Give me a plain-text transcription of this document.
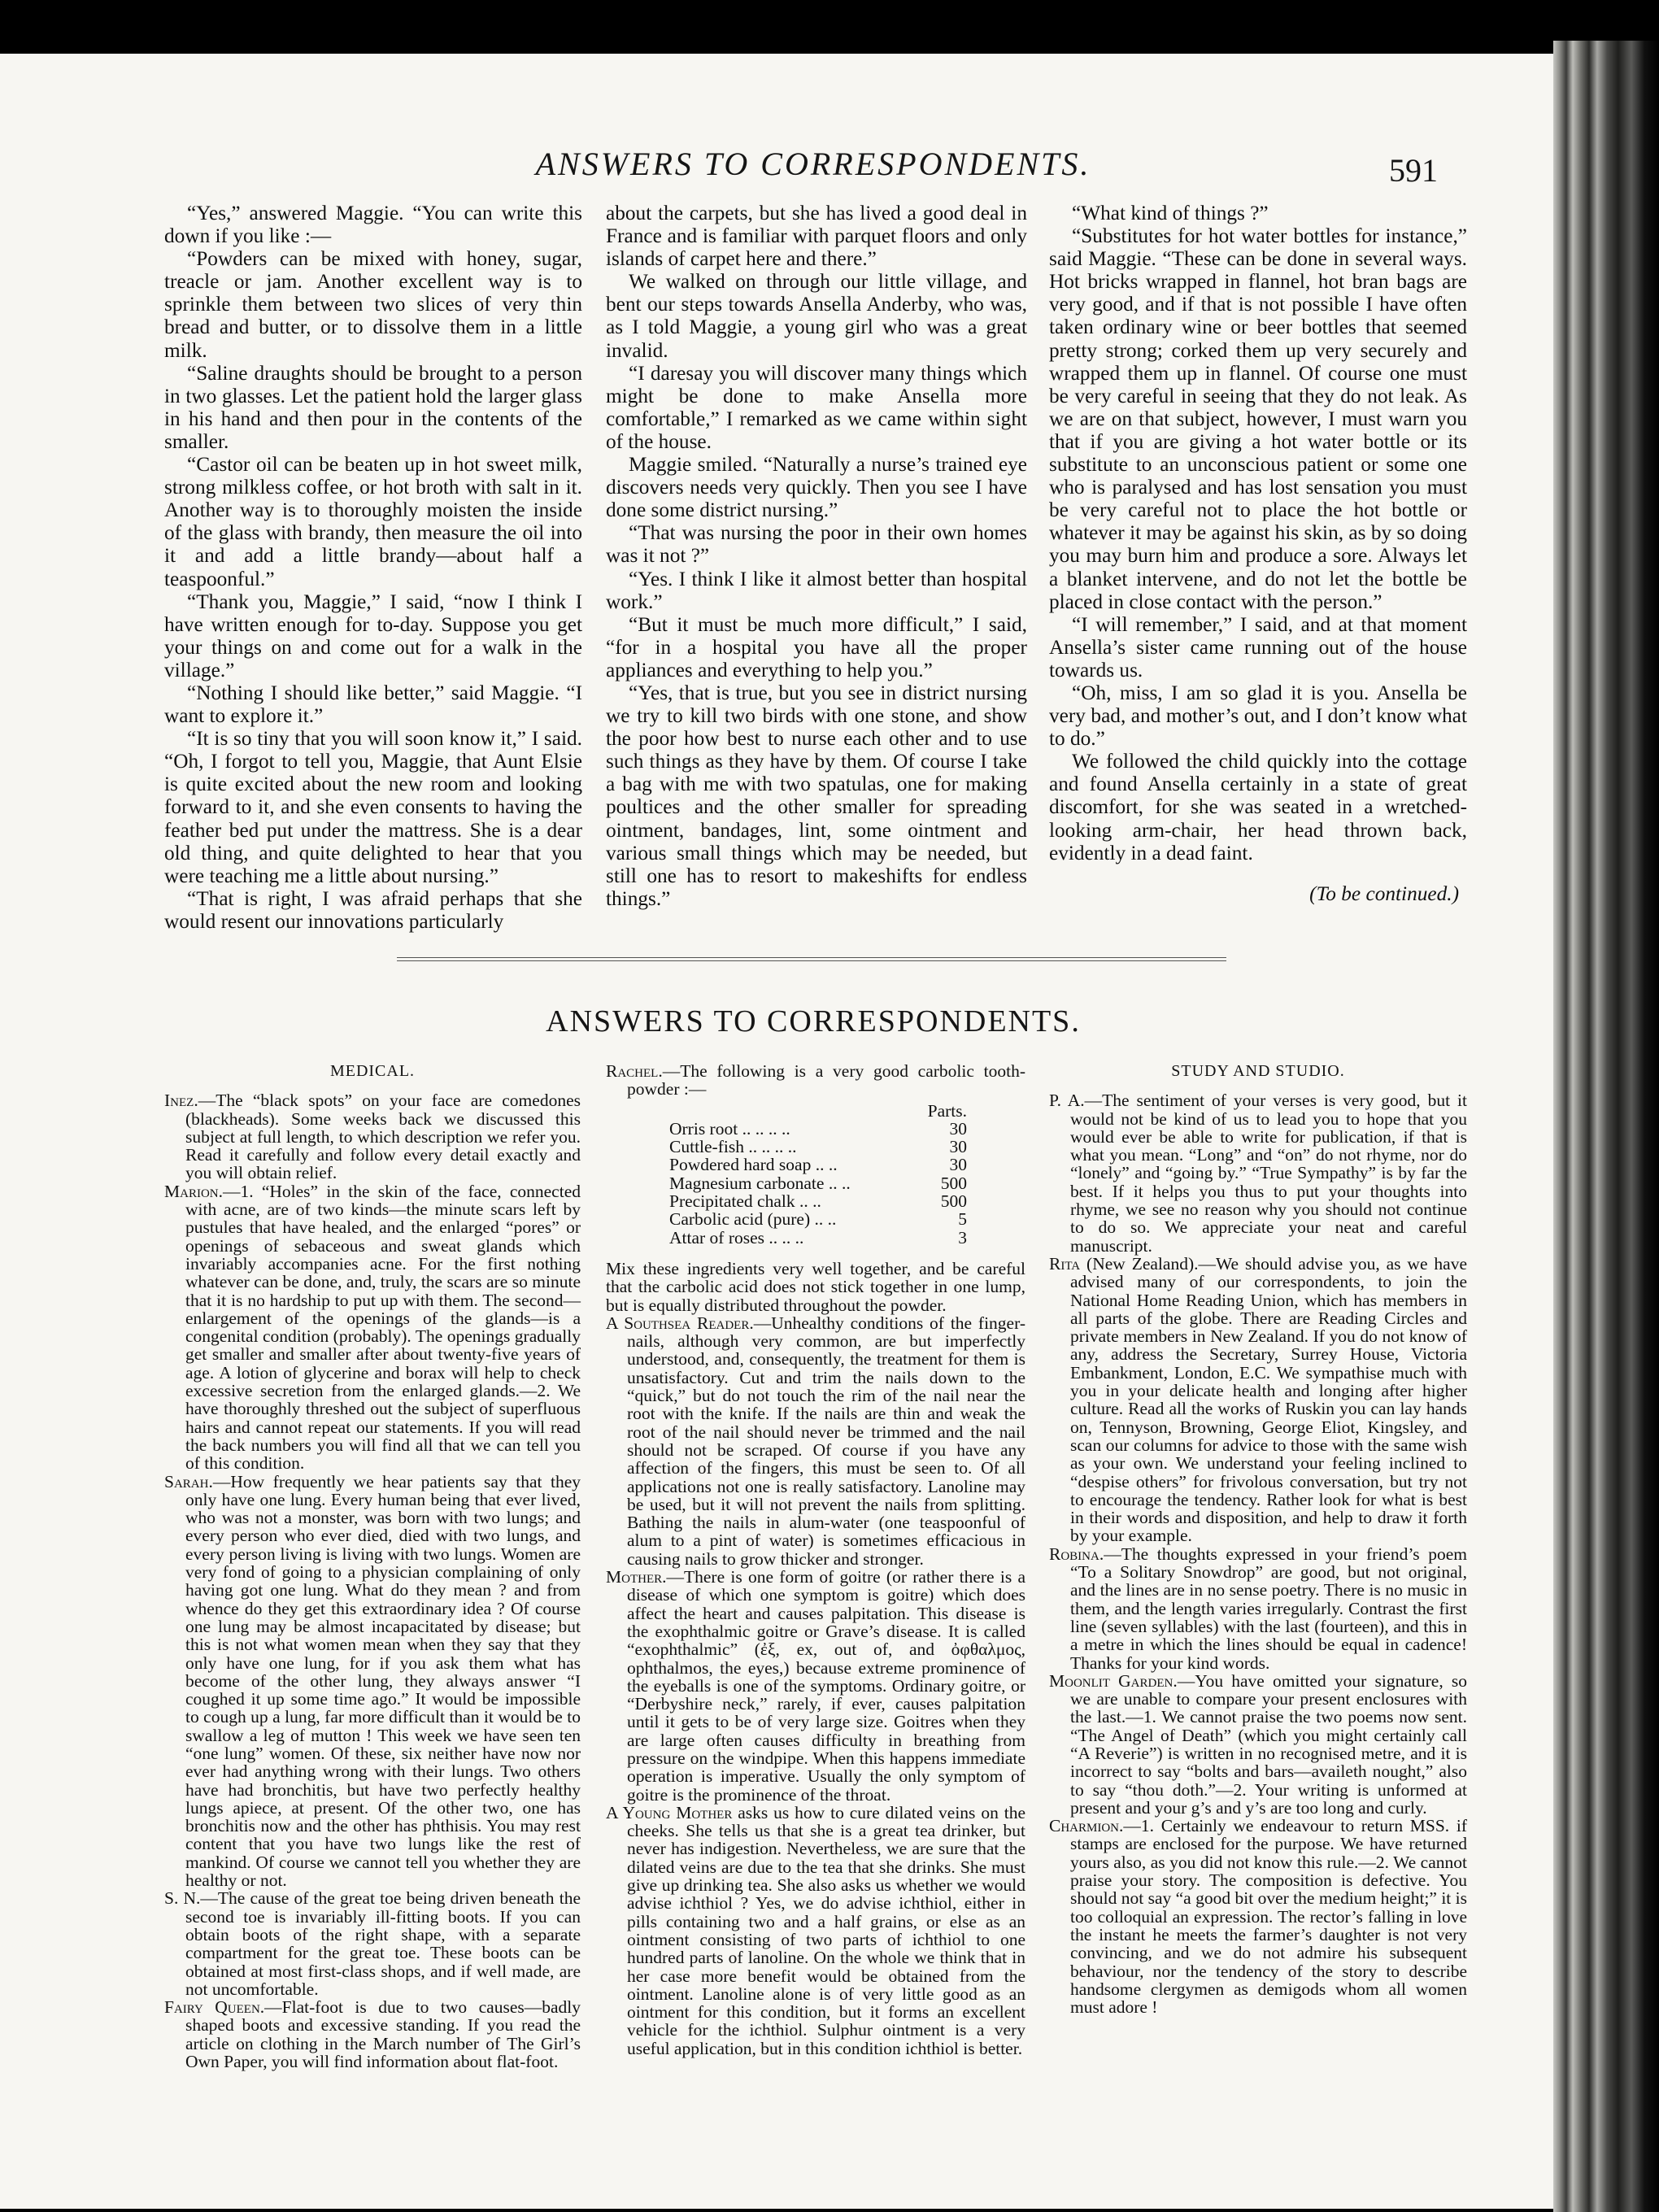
ANSWERS TO CORRESPONDENTS.	591

“Yes,” answered Maggie. “You can write this down if you like :—

“Powders can be mixed with honey, sugar, treacle or jam. Another excellent way is to sprinkle them between two slices of very thin bread and butter, or to dissolve them in a little milk.

“Saline draughts should be brought to a person in two glasses. Let the patient hold the larger glass in his hand and then pour in the contents of the smaller.

“Castor oil can be beaten up in hot sweet milk, strong milkless coffee, or hot broth with salt in it. Another way is to thoroughly moisten the inside of the glass with brandy, then measure the oil into it and add a little brandy—about half a teaspoonful.”

“Thank you, Maggie,” I said, “now I think I have written enough for to-day. Suppose you get your things on and come out for a walk in the village.”

“Nothing I should like better,” said Maggie. “I want to explore it.”

“It is so tiny that you will soon know it,” I said. “Oh, I forgot to tell you, Maggie, that Aunt Elsie is quite excited about the new room and looking forward to it, and she even consents to having the feather bed put under the mattress. She is a dear old thing, and quite delighted to hear that you were teaching me a little about nursing.”

“That is right, I was afraid perhaps that she would resent our innovations particularly

about the carpets, but she has lived a good deal in France and is familiar with parquet floors and only islands of carpet here and there.”

We walked on through our little village, and bent our steps towards Ansella Anderby, who was, as I told Maggie, a young girl who was a great invalid.

“I daresay you will discover many things which might be done to make Ansella more comfortable,” I remarked as we came within sight of the house.

Maggie smiled. “Naturally a nurse’s trained eye discovers needs very quickly. Then you see I have done some district nursing.”

“That was nursing the poor in their own homes was it not ?”

“Yes. I think I like it almost better than hospital work.”

“But it must be much more difficult,” I said, “for in a hospital you have all the proper appliances and everything to help you.”

“Yes, that is true, but you see in district nursing we try to kill two birds with one stone, and show the poor how best to nurse each other and to use such things as they have by them. Of course I take a bag with me with two spatulas, one for making poultices and the other smaller for spreading ointment, bandages, lint, some ointment and various small things which may be needed, but still one has to resort to makeshifts for endless things.”

“What kind of things ?”

“Substitutes for hot water bottles for instance,” said Maggie. “These can be done in several ways. Hot bricks wrapped in flannel, hot bran bags are very good, and if that is not possible I have often taken ordinary wine or beer bottles that seemed pretty strong; corked them up very securely and wrapped them up in flannel. Of course one must be very careful in seeing that they do not leak. As we are on that subject, however, I must warn you that if you are giving a hot water bottle or its substitute to an unconscious patient or some one who is paralysed and has lost sensation you must be very careful not to place the hot bottle or whatever it may be against his skin, as by so doing you may burn him and produce a sore. Always let a blanket intervene, and do not let the bottle be placed in close contact with the person.”

“I will remember,” I said, and at that moment Ansella’s sister came running out of the house towards us.

“Oh, miss, I am so glad it is you. Ansella be very bad, and mother’s out, and I don’t know what to do.”

We followed the child quickly into the cottage and found Ansella certainly in a state of great discomfort, for she was seated in a wretched-looking arm-chair, her head thrown back, evidently in a dead faint.

(To be continued.)

ANSWERS TO CORRESPONDENTS.
MEDICAL.
Inez.—The “black spots” on your face are comedones (blackheads). Some weeks back we discussed this subject at full length, to which description we refer you. Read it carefully and follow every detail exactly and you will obtain relief.
Marion.—1. “Holes” in the skin of the face, connected with acne, are of two kinds—the minute scars left by pustules that have healed, and the enlarged “pores” or openings of sebaceous and sweat glands which invariably accompanies acne. For the first nothing whatever can be done, and, truly, the scars are so minute that it is no hardship to put up with them. The second—enlargement of the openings of the glands—is a congenital condition (probably). The openings gradually get smaller and smaller after about twenty-five years of age. A lotion of glycerine and borax will help to check excessive secretion from the enlarged glands.—2. We have thoroughly threshed out the subject of superfluous hairs and cannot repeat our statements. If you will read the back numbers you will find all that we can tell you of this condition.
Sarah.—How frequently we hear patients say that they only have one lung. Every human being that ever lived, who was not a monster, was born with two lungs; and every person who ever died, died with two lungs, and every person living is living with two lungs. Women are very fond of going to a physician complaining of only having got one lung. What do they mean ? and from whence do they get this extraordinary idea ? Of course one lung may be almost incapacitated by disease; but this is not what women mean when they say that they only have one lung, for if you ask them what has become of the other lung, they always answer “I coughed it up some time ago.” It would be impossible to cough up a lung, far more difficult than it would be to swallow a leg of mutton ! This week we have seen ten “one lung” women. Of these, six neither have now nor ever had anything wrong with their lungs. Two others have had bronchitis, but have two perfectly healthy lungs apiece, at present. Of the other two, one has bronchitis now and the other has phthisis. You may rest content that you have two lungs like the rest of mankind. Of course we cannot tell you whether they are healthy or not.
S. N.—The cause of the great toe being driven beneath the second toe is invariably ill-fitting boots. If you can obtain boots of the right shape, with a separate compartment for the great toe. These boots can be obtained at most first-class shops, and if well made, are not uncomfortable.
Fairy Queen.—Flat-foot is due to two causes—badly shaped boots and excessive standing. If you read the article on clothing in the March number of The Girl’s Own Paper, you will find information about flat-foot.
Rachel.—The following is a very good carbolic tooth-powder :—
Parts.
Orris root .. .. .. ..	30
Cuttle-fish .. .. .. ..	30
Powdered hard soap .. ..	30
Magnesium carbonate .. ..	500
Precipitated chalk .. ..	500
Carbolic acid (pure) .. ..	5
Attar of roses .. .. ..	3
Mix these ingredients very well together, and be careful that the carbolic acid does not stick together in one lump, but is equally distributed throughout the powder.
A Southsea Reader.—Unhealthy conditions of the finger-nails, although very common, are but imperfectly understood, and, consequently, the treatment for them is unsatisfactory. Cut and trim the nails down to the “quick,” but do not touch the rim of the nail near the root with the knife. If the nails are thin and weak the root of the nail should never be trimmed and the nail should not be scraped. Of course if you have any affection of the fingers, this must be seen to. Of all applications not one is really satisfactory. Lanoline may be used, but it will not prevent the nails from splitting. Bathing the nails in alum-water (one teaspoonful of alum to a pint of water) is sometimes efficacious in causing nails to grow thicker and stronger.
Mother.—There is one form of goitre (or rather there is a disease of which one symptom is goitre) which does affect the heart and causes palpitation. This disease is the exophthalmic goitre or Grave’s disease. It is called “exophthalmic” (ἐξ, ex, out of, and ὀφθαλμος, ophthalmos, the eyes,) because extreme prominence of the eyeballs is one of the symptoms. Ordinary goitre, or “Derbyshire neck,” rarely, if ever, causes palpitation until it gets to be of very large size. Goitres when they are large often causes difficulty in breathing from pressure on the windpipe. When this happens immediate operation is imperative. Usually the only symptom of goitre is the prominence of the throat.
A Young Mother asks us how to cure dilated veins on the cheeks. She tells us that she is a great tea drinker, but never has indigestion. Nevertheless, we are sure that the dilated veins are due to the tea that she drinks. She must give up drinking tea. She also asks us whether we would advise ichthiol ? Yes, we do advise ichthiol, either in pills containing two and a half grains, or else as an ointment consisting of two parts of ichthiol to one hundred parts of lanoline. On the whole we think that in her case more benefit would be obtained from the ointment. Lanoline alone is of very little good as an ointment for this condition, but it forms an excellent vehicle for the ichthiol. Sulphur ointment is a very useful application, but in this condition ichthiol is better.
STUDY AND STUDIO.
P. A.—The sentiment of your verses is very good, but it would not be kind of us to lead you to hope that you would ever be able to write for publication, if that is what you mean. “Long” and “on” do not rhyme, nor do “lonely” and “going by.” “True Sympathy” is by far the best. If it helps you thus to put your thoughts into rhyme, we see no reason why you should not continue to do so. We appreciate your neat and careful manuscript.
Rita (New Zealand).—We should advise you, as we have advised many of our correspondents, to join the National Home Reading Union, which has members in all parts of the globe. There are Reading Circles and private members in New Zealand. If you do not know of any, address the Secretary, Surrey House, Victoria Embankment, London, E.C. We sympathise much with you in your delicate health and longing after higher culture. Read all the works of Ruskin you can lay hands on, Tennyson, Browning, George Eliot, Kingsley, and scan our columns for advice to those with the same wish as your own. We understand your feeling inclined to “despise others” for frivolous conversation, but try not to encourage the tendency. Rather look for what is best in their words and disposition, and help to draw it forth by your example.
Robina.—The thoughts expressed in your friend’s poem “To a Solitary Snowdrop” are good, but not original, and the lines are in no sense poetry. There is no music in them, and the length varies irregularly. Contrast the first line (seven syllables) with the last (fourteen), and this in a metre in which the lines should be equal in cadence! Thanks for your kind words.
Moonlit Garden.—You have omitted your signature, so we are unable to compare your present enclosures with the last.—1. We cannot praise the two poems now sent. “The Angel of Death” (which you might certainly call “A Reverie”) is written in no recognised metre, and it is incorrect to say “bolts and bars—availeth nought,” also to say “thou doth.”—2. Your writing is unformed at present and your g’s and y’s are too long and curly.
Charmion.—1. Certainly we endeavour to return MSS. if stamps are enclosed for the purpose. We have returned yours also, as you did not know this rule.—2. We cannot praise your story. The composition is defective. You should not say “a good bit over the medium height;” it is too colloquial an expression. The rector’s falling in love the instant he meets the farmer’s daughter is not very convincing, and we do not admire his subsequent behaviour, nor the tendency of the story to describe handsome clergymen as demigods whom all women must adore !
